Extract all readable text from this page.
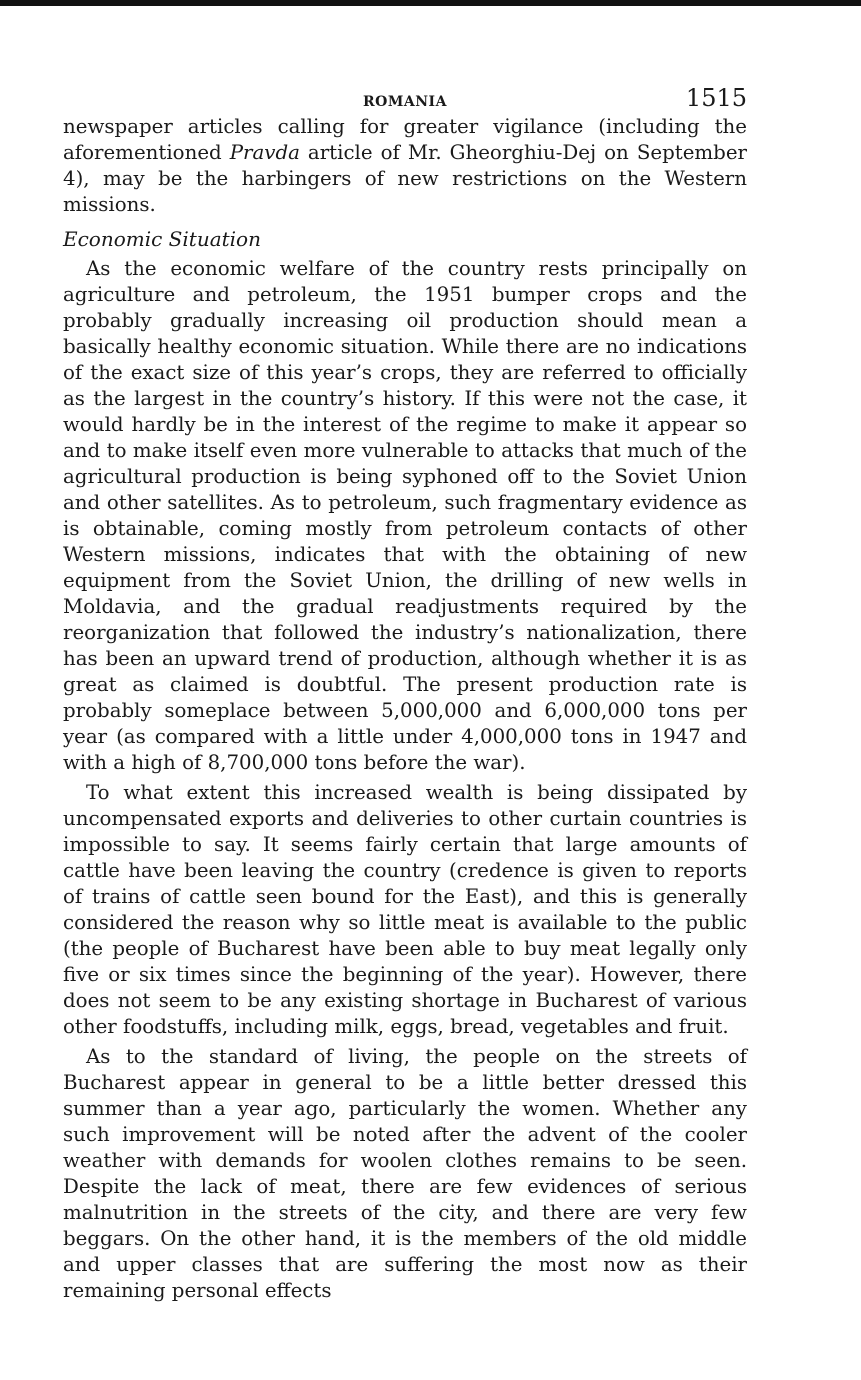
ROMANIA	1515

newspaper articles calling for greater vigilance (including the aforementioned Pravda article of Mr. Gheorghiu-Dej on September 4), may be the harbingers of new restrictions on the Western missions.

Economic Situation

As the economic welfare of the country rests principally on agriculture and petroleum, the 1951 bumper crops and the probably gradually increasing oil production should mean a basically healthy economic situation. While there are no indications of the exact size of this year’s crops, they are referred to officially as the largest in the country’s history. If this were not the case, it would hardly be in the interest of the regime to make it appear so and to make itself even more vulnerable to attacks that much of the agricultural production is being syphoned off to the Soviet Union and other satellites. As to petroleum, such fragmentary evidence as is obtainable, coming mostly from petroleum contacts of other Western missions, indicates that with the obtaining of new equipment from the Soviet Union, the drilling of new wells in Moldavia, and the gradual readjustments required by the reorganization that followed the industry’s nationalization, there has been an upward trend of production, although whether it is as great as claimed is doubtful. The present production rate is probably someplace between 5,000,000 and 6,000,000 tons per year (as compared with a little under 4,000,000 tons in 1947 and with a high of 8,700,000 tons before the war).

To what extent this increased wealth is being dissipated by uncompensated exports and deliveries to other curtain countries is impossible to say. It seems fairly certain that large amounts of cattle have been leaving the country (credence is given to reports of trains of cattle seen bound for the East), and this is generally considered the reason why so little meat is available to the public (the people of Bucharest have been able to buy meat legally only five or six times since the beginning of the year). However, there does not seem to be any existing shortage in Bucharest of various other foodstuffs, including milk, eggs, bread, vegetables and fruit.

As to the standard of living, the people on the streets of Bucharest appear in general to be a little better dressed this summer than a year ago, particularly the women. Whether any such improvement will be noted after the advent of the cooler weather with demands for woolen clothes remains to be seen. Despite the lack of meat, there are few evidences of serious malnutrition in the streets of the city, and there are very few beggars. On the other hand, it is the members of the old middle and upper classes that are suffering the most now as their remaining personal effects
